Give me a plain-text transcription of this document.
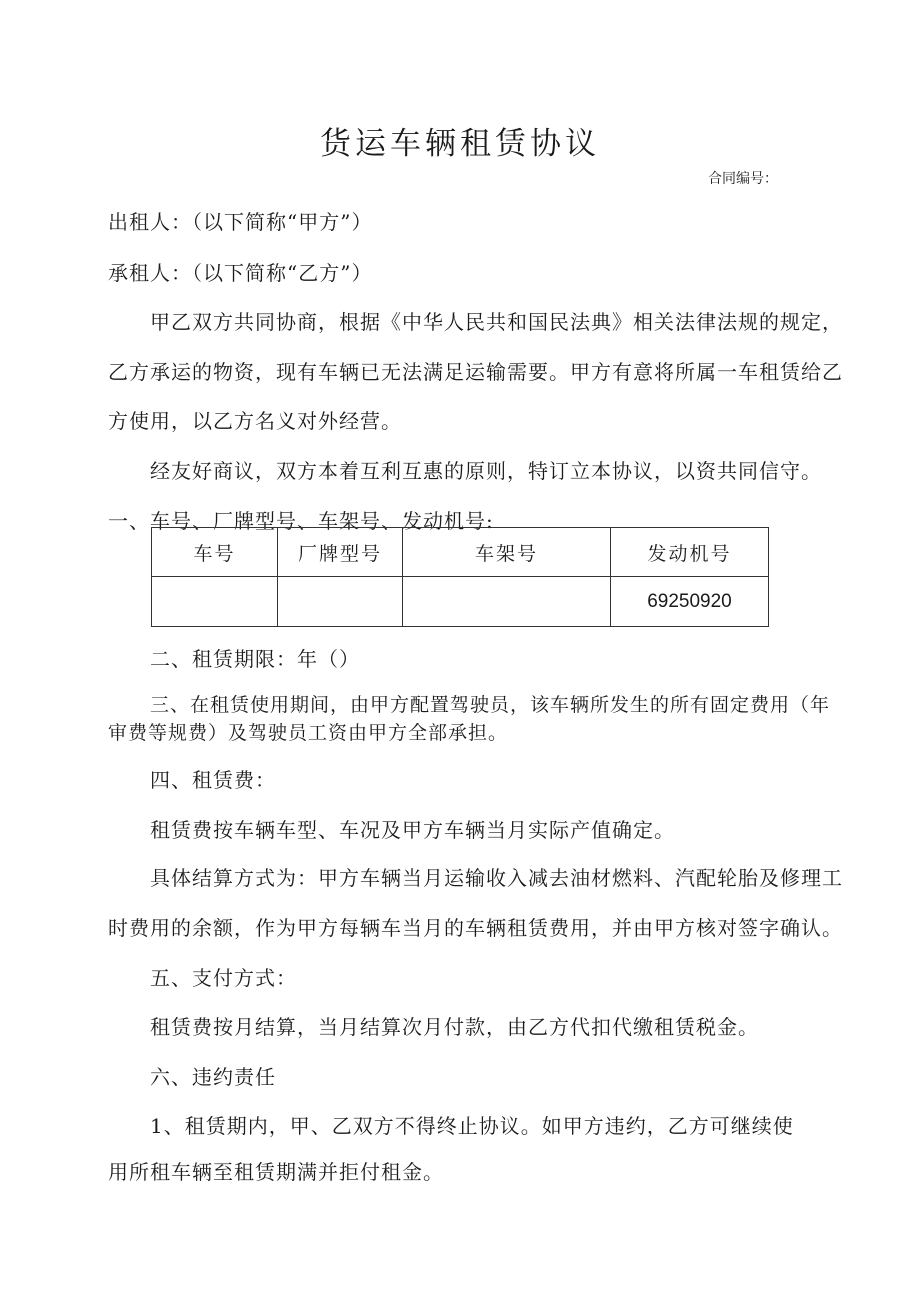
货运车辆租赁协议
合同编号：
出租人：（以下简称“甲方”）
承租人：（以下简称“乙方”）
甲乙双方共同协商，根据《中华人民共和国民法典》相关法律法规的规定，
乙方承运的物资，现有车辆已无法满足运输需要。甲方有意将所属一车租赁给乙
方使用，以乙方名义对外经营。
经友好商议，双方本着互利互惠的原则，特订立本协议，以资共同信守。
一、车号、厂牌型号、车架号、发动机号:
车号	厂牌型号	车架号	发动机号
			69250920
二、租赁期限：年（）
三、在租赁使用期间，由甲方配置驾驶员，该车辆所发生的所有固定费用（年
审费等规费）及驾驶员工资由甲方全部承担。
四、租赁费：
租赁费按车辆车型、车况及甲方车辆当月实际产值确定。
具体结算方式为：甲方车辆当月运输收入减去油材燃料、汽配轮胎及修理工
时费用的余额，作为甲方每辆车当月的车辆租赁费用，并由甲方核对签字确认。
五、支付方式：
租赁费按月结算，当月结算次月付款，由乙方代扣代缴租赁税金。
六、违约责任
1、租赁期内，甲、乙双方不得终止协议。如甲方违约，乙方可继续使
用所租车辆至租赁期满并拒付租金。
